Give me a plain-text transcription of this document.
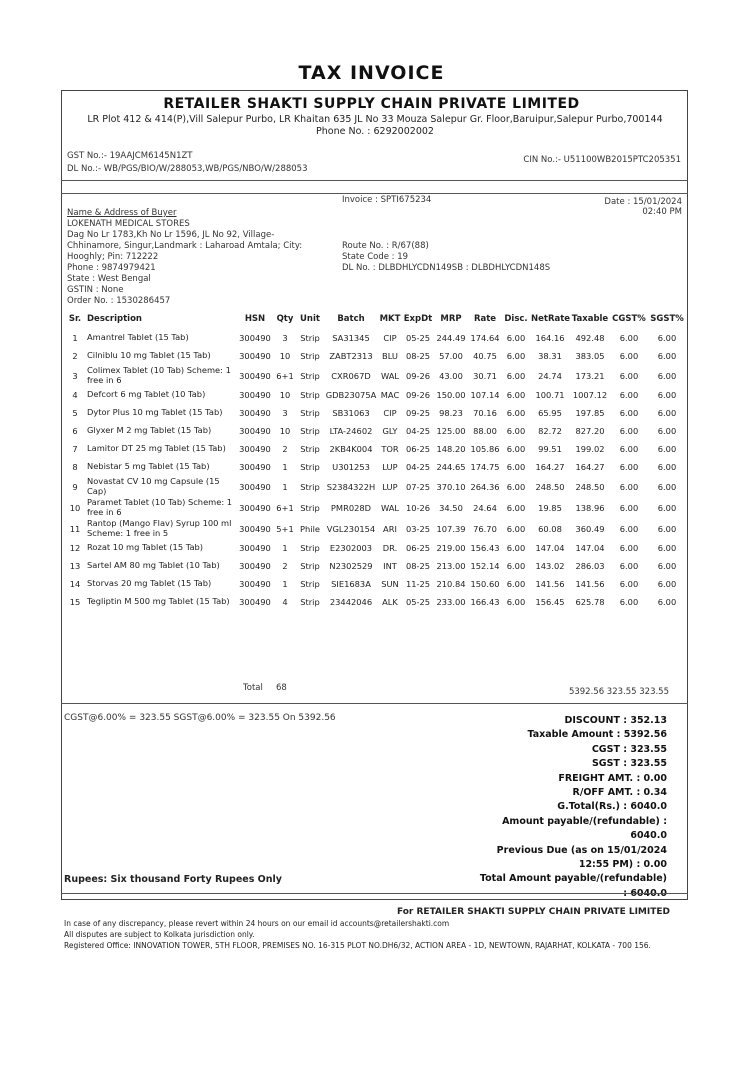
TAX INVOICE
RETAILER SHAKTI SUPPLY CHAIN PRIVATE LIMITED
LR Plot 412 & 414(P),Vill Salepur Purbo, LR Khaitan 635 JL No 33 Mouza Salepur Gr. Floor,Baruipur,Salepur Purbo,700144
Phone No. : 6292002002
GST No.:- 19AAJCM6145N1ZT
DL No.:- WB/PGS/BIO/W/288053,WB/PGS/NBO/W/288053
CIN No.:- U51100WB2015PTC205351
Name & Address of Buyer
LOKENATH MEDICAL STORES
Dag No Lr 1783,Kh No Lr 1596, JL No 92, Village-
Chhinamore, Singur,Landmark : Laharoad Amtala; City:
Hooghly; Pin: 712222
Phone : 9874979421
State : West Bengal
GSTIN : None
Order No. : 1530286457
Invoice : SPTI675234	Date : 15/01/2024
02:40 PM
Route No. : R/67(88)
State Code : 19
DL No. : DLBDHLYCDN149SB : DLBDHLYCDN148S
Sr.	Description	HSN	Qty	Unit	Batch	MKT	ExpDt	MRP	Rate	Disc.	NetRate	Taxable	CGST%	SGST%
1	Amantrel Tablet (15 Tab)	300490	3	Strip	SA31345	CIP	05-25	244.49	174.64	6.00	164.16	492.48	6.00	6.00
2	Cilniblu 10 mg Tablet (15 Tab)	300490	10	Strip	ZABT2313	BLU	08-25	57.00	40.75	6.00	38.31	383.05	6.00	6.00
3	Colimex Tablet (10 Tab) Scheme: 1 free in 6	300490	6+1	Strip	CXR067D	WAL	09-26	43.00	30.71	6.00	24.74	173.21	6.00	6.00
4	Defcort 6 mg Tablet (10 Tab)	300490	10	Strip	GDB23075A	MAC	09-26	150.00	107.14	6.00	100.71	1007.12	6.00	6.00
5	Dytor Plus 10 mg Tablet (15 Tab)	300490	3	Strip	SB31063	CIP	09-25	98.23	70.16	6.00	65.95	197.85	6.00	6.00
6	Glyxer M 2 mg Tablet (15 Tab)	300490	10	Strip	LTA-24602	GLY	04-25	125.00	88.00	6.00	82.72	827.20	6.00	6.00
7	Lamitor DT 25 mg Tablet (15 Tab)	300490	2	Strip	2KB4K004	TOR	06-25	148.20	105.86	6.00	99.51	199.02	6.00	6.00
8	Nebistar 5 mg Tablet (15 Tab)	300490	1	Strip	U301253	LUP	04-25	244.65	174.75	6.00	164.27	164.27	6.00	6.00
9	Novastat CV 10 mg Capsule (15 Cap)	300490	1	Strip	S2384322H	LUP	07-25	370.10	264.36	6.00	248.50	248.50	6.00	6.00
10	Paramet Tablet (10 Tab) Scheme: 1 free in 6	300490	6+1	Strip	PMR028D	WAL	10-26	34.50	24.64	6.00	19.85	138.96	6.00	6.00
11	Rantop (Mango Flav) Syrup 100 ml Scheme: 1 free in 5	300490	5+1	Phile	VGL230154	ARI	03-25	107.39	76.70	6.00	60.08	360.49	6.00	6.00
12	Rozat 10 mg Tablet (15 Tab)	300490	1	Strip	E2302003	DR.	06-25	219.00	156.43	6.00	147.04	147.04	6.00	6.00
13	Sartel AM 80 mg Tablet (10 Tab)	300490	2	Strip	N2302529	INT	08-25	213.00	152.14	6.00	143.02	286.03	6.00	6.00
14	Storvas 20 mg Tablet (15 Tab)	300490	1	Strip	SIE1683A	SUN	11-25	210.84	150.60	6.00	141.56	141.56	6.00	6.00
15	Tegliptin M 500 mg Tablet (15 Tab)	300490	4	Strip	23442046	ALK	05-25	233.00	166.43	6.00	156.45	625.78	6.00	6.00
Total 68	5392.56 323.55 323.55
CGST@6.00% = 323.55 SGST@6.00% = 323.55 On 5392.56	DISCOUNT : 352.13
Taxable Amount : 5392.56
CGST : 323.55
SGST : 323.55
FREIGHT AMT. : 0.00
R/OFF AMT. : 0.34
G.Total(Rs.) : 6040.0
Amount payable/(refundable) :
6040.0
Previous Due (as on 15/01/2024
12:55 PM) : 0.00
Total Amount payable/(refundable)
: 6040.0
Rupees: Six thousand Forty Rupees Only
For RETAILER SHAKTI SUPPLY CHAIN PRIVATE LIMITED
In case of any discrepancy, please revert within 24 hours on our email id accounts@retailershakti.com
All disputes are subject to Kolkata jurisdiction only.
Registered Office: INNOVATION TOWER, 5TH FLOOR, PREMISES NO. 16-315 PLOT NO.DH6/32, ACTION AREA - 1D, NEWTOWN, RAJARHAT, KOLKATA - 700 156.
